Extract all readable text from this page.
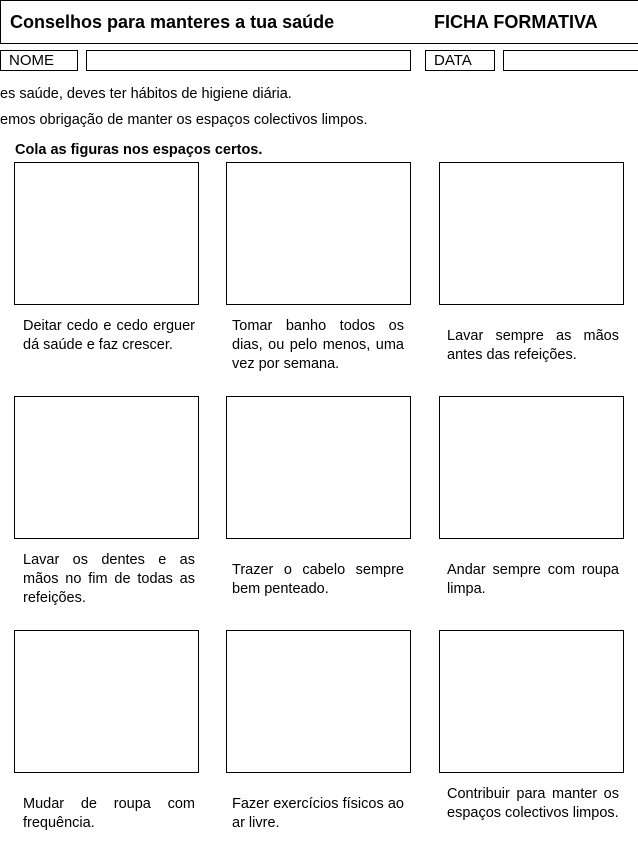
Conselhos para manteres a tua saúde	FICHA FORMATIVA
NOME	DATA
es saúde, deves ter hábitos de higiene diária.
emos obrigação de manter os espaços colectivos limpos.
Cola as figuras nos espaços certos.
Deitar cedo e cedo erguer dá saúde e faz crescer.
Tomar banho todos os dias, ou pelo menos, uma vez por semana.
Lavar sempre as mãos antes das refeições.
Lavar os dentes e as mãos no fim de todas as refeições.
Trazer o cabelo sempre bem penteado.
Andar sempre com roupa limpa.
Mudar de roupa com frequência.
Fazer exercícios físicos ao ar livre.
Contribuir para manter os espaços colectivos limpos.
